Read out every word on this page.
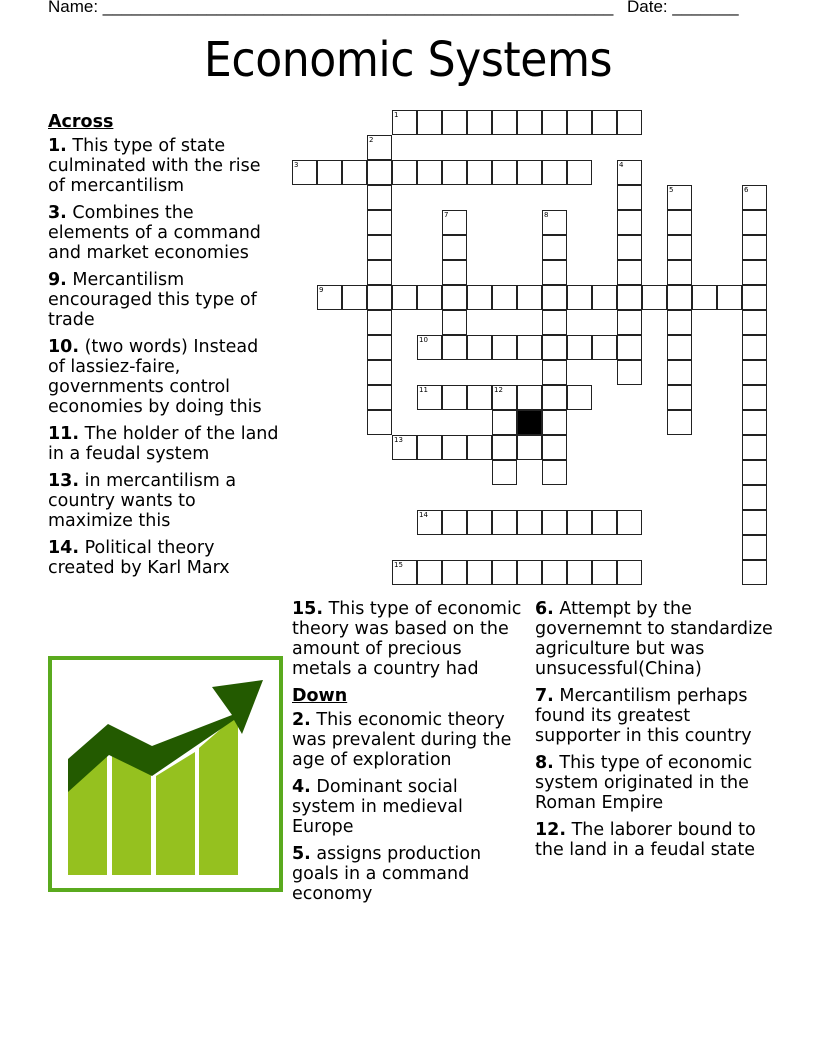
Name: ______________________________________________________ Date: _______
Economic Systems
1
3
9
10
11	12
13
14
15
2
4
5	6
7	8
Across
1. This type of state culminated with the rise of mercantilism
3. Combines the elements of a command and market economies
9. Mercantilism encouraged this type of trade
10. (two words) Instead of lassiez-faire, governments control economies by doing this
11. The holder of the land in a feudal system
13. in mercantilism a country wants to maximize this
14. Political theory created by Karl Marx
15. This type of economic theory was based on the amount of precious metals a country had
Down
2. This economic theory was prevalent during the age of exploration
4. Dominant social system in medieval Europe
5. assigns production goals in a command economy
6. Attempt by the governemnt to standardize agriculture but was unsucessful(China)
7. Mercantilism perhaps found its greatest supporter in this country
8. This type of economic system originated in the Roman Empire
12. The laborer bound to the land in a feudal state
